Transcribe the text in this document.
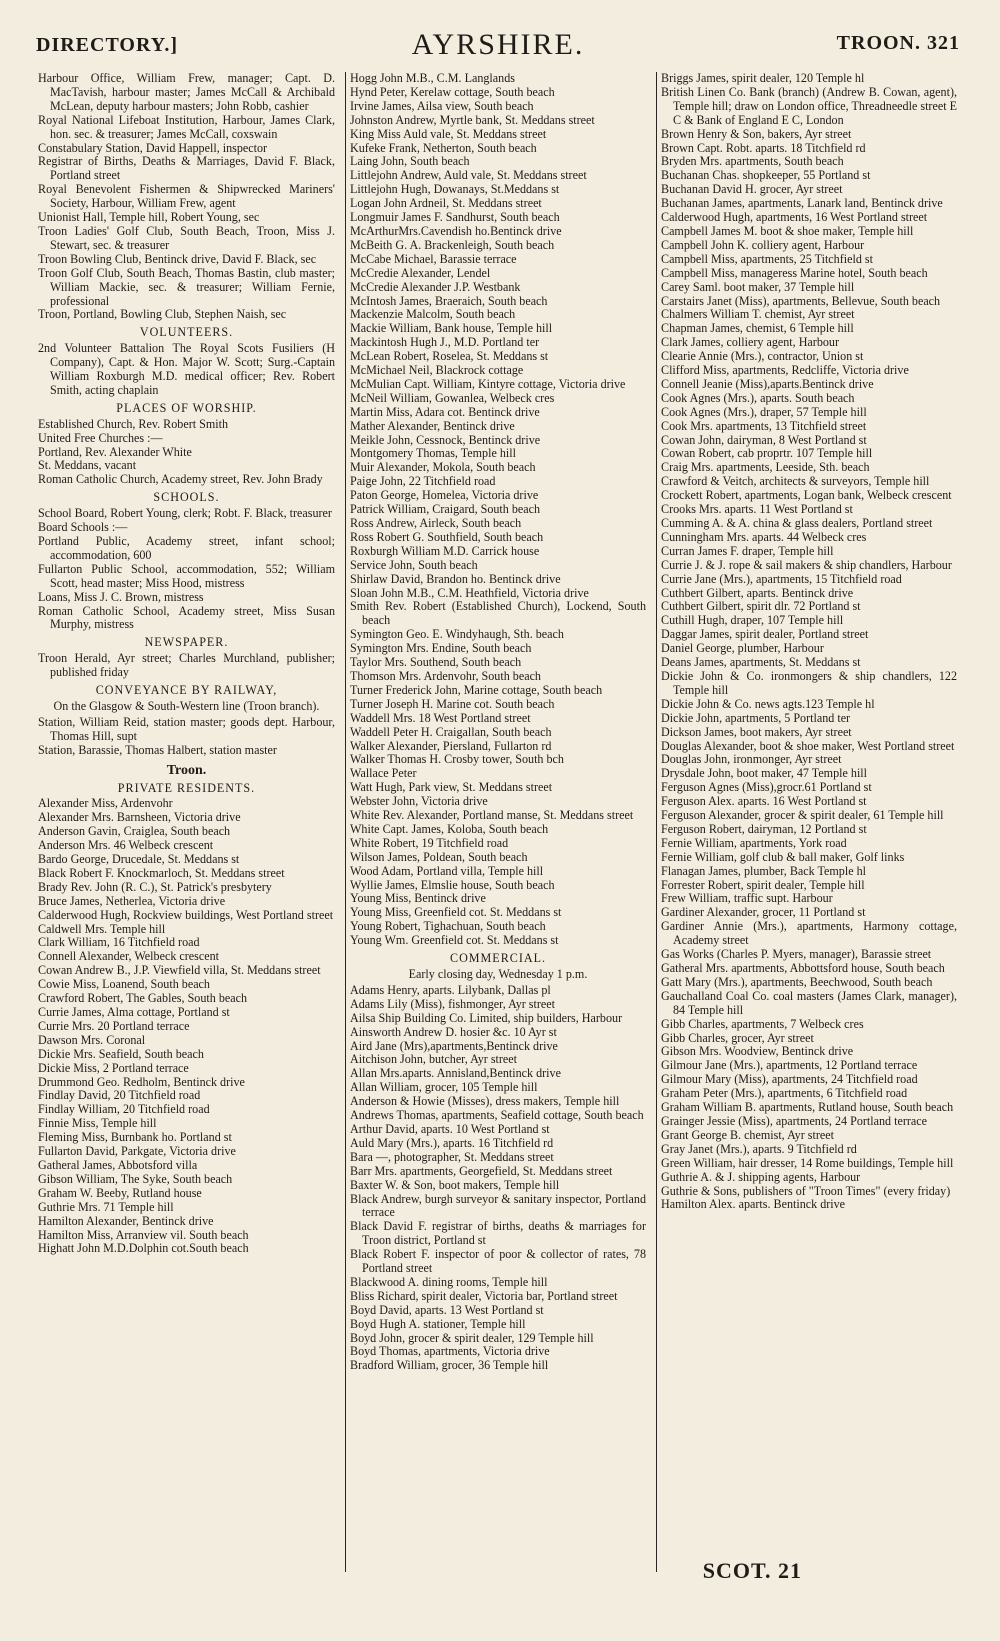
DIRECTORY.]	AYRSHIRE.	TROON. 321
Harbour Office, William Frew, manager; Capt. D. MacTavish, harbour master; James McCall & Archibald McLean, deputy harbour masters; John Robb, cashier
Royal National Lifeboat Institution, Harbour, James Clark, hon. sec. & treasurer; James McCall, coxswain
Constabulary Station, David Happell, inspector
Registrar of Births, Deaths & Marriages, David F. Black, Portland street
Royal Benevolent Fishermen & Shipwrecked Mariners' Society, Harbour, William Frew, agent
Unionist Hall, Temple hill, Robert Young, sec
Troon Ladies' Golf Club, South Beach, Troon, Miss J. Stewart, sec. & treasurer
Troon Bowling Club, Bentinck drive, David F. Black, sec
Troon Golf Club, South Beach, Thomas Bastin, club master; William Mackie, sec. & treasurer; William Fernie, professional
Troon, Portland, Bowling Club, Stephen Naish, sec
VOLUNTEERS.
2nd Volunteer Battalion The Royal Scots Fusiliers (H Company), Capt. & Hon. Major W. Scott; Surg.-Captain William Roxburgh M.D. medical officer; Rev. Robert Smith, acting chaplain
PLACES OF WORSHIP.
Established Church, Rev. Robert Smith
United Free Churches :—
Portland, Rev. Alexander White
St. Meddans, vacant
Roman Catholic Church, Academy street, Rev. John Brady
SCHOOLS.
School Board, Robert Young, clerk; Robt. F. Black, treasurer
Board Schools :—
Portland Public, Academy street, infant school; accommodation, 600
Fullarton Public School, accommodation, 552; William Scott, head master; Miss Hood, mistress
Loans, Miss J. C. Brown, mistress
Roman Catholic School, Academy street, Miss Susan Murphy, mistress
NEWSPAPER.
Troon Herald, Ayr street; Charles Murchland, publisher; published friday
CONVEYANCE BY RAILWAY,
On the Glasgow & South-Western line (Troon branch).
Station, William Reid, station master; goods dept. Harbour, Thomas Hill, supt
Station, Barassie, Thomas Halbert, station master
Troon.
PRIVATE RESIDENTS.
Alexander Miss, Ardenvohr
Alexander Mrs. Barnsheen, Victoria drive
Anderson Gavin, Craiglea, South beach
Anderson Mrs. 46 Welbeck crescent
Bardo George, Drucedale, St. Meddans st
Black Robert F. Knockmarloch, St. Meddans street
Brady Rev. John (R. C.), St. Patrick's presbytery
Bruce James, Netherlea, Victoria drive
Calderwood Hugh, Rockview buildings, West Portland street
Caldwell Mrs. Temple hill
Clark William, 16 Titchfield road
Connell Alexander, Welbeck crescent
Cowan Andrew B., J.P. Viewfield villa, St. Meddans street
Cowie Miss, Loanend, South beach
Crawford Robert, The Gables, South beach
Currie James, Alma cottage, Portland st
Currie Mrs. 20 Portland terrace
Dawson Mrs. Coronal
Dickie Mrs. Seafield, South beach
Dickie Miss, 2 Portland terrace
Drummond Geo. Redholm, Bentinck drive
Findlay David, 20 Titchfield road
Findlay William, 20 Titchfield road
Finnie Miss, Temple hill
Fleming Miss, Burnbank ho. Portland st
Fullarton David, Parkgate, Victoria drive
Gatheral James, Abbotsford villa
Gibson William, The Syke, South beach
Graham W. Beeby, Rutland house
Guthrie Mrs. 71 Temple hill
Hamilton Alexander, Bentinck drive
Hamilton Miss, Arranview vil. South beach
Highatt John M.D.Dolphin cot.South beach
Hogg John M.B., C.M. Langlands
Hynd Peter, Kerelaw cottage, South beach
Irvine James, Ailsa view, South beach
Johnston Andrew, Myrtle bank, St. Meddans street
King Miss Auld vale, St. Meddans street
Kufeke Frank, Netherton, South beach
Laing John, South beach
Littlejohn Andrew, Auld vale, St. Meddans street
Littlejohn Hugh, Dowanays, St.Meddans st
Logan John Ardneil, St. Meddans street
Longmuir James F. Sandhurst, South beach
McArthurMrs.Cavendish ho.Bentinck drive
McBeith G. A. Brackenleigh, South beach
McCabe Michael, Barassie terrace
McCredie Alexander, Lendel
McCredie Alexander J.P. Westbank
McIntosh James, Braeraich, South beach
Mackenzie Malcolm, South beach
Mackie William, Bank house, Temple hill
Mackintosh Hugh J., M.D. Portland ter
McLean Robert, Roselea, St. Meddans st
McMichael Neil, Blackrock cottage
McMulian Capt. William, Kintyre cottage, Victoria drive
McNeil William, Gowanlea, Welbeck cres
Martin Miss, Adara cot. Bentinck drive
Mather Alexander, Bentinck drive
Meikle John, Cessnock, Bentinck drive
Montgomery Thomas, Temple hill
Muir Alexander, Mokola, South beach
Paige John, 22 Titchfield road
Paton George, Homelea, Victoria drive
Patrick William, Craigard, South beach
Ross Andrew, Airleck, South beach
Ross Robert G. Southfield, South beach
Roxburgh William M.D. Carrick house
Service John, South beach
Shirlaw David, Brandon ho. Bentinck drive
Sloan John M.B., C.M. Heathfield, Victoria drive
Smith Rev. Robert (Established Church), Lockend, South beach
Symington Geo. E. Windyhaugh, Sth. beach
Symington Mrs. Endine, South beach
Taylor Mrs. Southend, South beach
Thomson Mrs. Ardenvohr, South beach
Turner Frederick John, Marine cottage, South beach
Turner Joseph H. Marine cot. South beach
Waddell Mrs. 18 West Portland street
Waddell Peter H. Craigallan, South beach
Walker Alexander, Piersland, Fullarton rd
Walker Thomas H. Crosby tower, South bch
Wallace Peter
Watt Hugh, Park view, St. Meddans street
Webster John, Victoria drive
White Rev. Alexander, Portland manse, St. Meddans street
White Capt. James, Koloba, South beach
White Robert, 19 Titchfield road
Wilson James, Poldean, South beach
Wood Adam, Portland villa, Temple hill
Wyllie James, Elmslie house, South beach
Young Miss, Bentinck drive
Young Miss, Greenfield cot. St. Meddans st
Young Robert, Tighachuan, South beach
Young Wm. Greenfield cot. St. Meddans st
COMMERCIAL.
Early closing day, Wednesday 1 p.m.
Adams Henry, aparts. Lilybank, Dallas pl
Adams Lily (Miss), fishmonger, Ayr street
Ailsa Ship Building Co. Limited, ship builders, Harbour
Ainsworth Andrew D. hosier &c. 10 Ayr st
Aird Jane (Mrs),apartments,Bentinck drive
Aitchison John, butcher, Ayr street
Allan Mrs.aparts. Annisland,Bentinck drive
Allan William, grocer, 105 Temple hill
Anderson & Howie (Misses), dress makers, Temple hill
Andrews Thomas, apartments, Seafield cottage, South beach
Arthur David, aparts. 10 West Portland st
Auld Mary (Mrs.), aparts. 16 Titchfield rd
Bara —, photographer, St. Meddans street
Barr Mrs. apartments, Georgefield, St. Meddans street
Baxter W. & Son, boot makers, Temple hill
Black Andrew, burgh surveyor & sanitary inspector, Portland terrace
Black David F. registrar of births, deaths & marriages for Troon district, Portland st
Black Robert F. inspector of poor & collector of rates, 78 Portland street
Blackwood A. dining rooms, Temple hill
Bliss Richard, spirit dealer, Victoria bar, Portland street
Boyd David, aparts. 13 West Portland st
Boyd Hugh A. stationer, Temple hill
Boyd John, grocer & spirit dealer, 129 Temple hill
Boyd Thomas, apartments, Victoria drive
Bradford William, grocer, 36 Temple hill
Briggs James, spirit dealer, 120 Temple hl
British Linen Co. Bank (branch) (Andrew B. Cowan, agent), Temple hill; draw on London office, Threadneedle street E C & Bank of England E C, London
Brown Henry & Son, bakers, Ayr street
Brown Capt. Robt. aparts. 18 Titchfield rd
Bryden Mrs. apartments, South beach
Buchanan Chas. shopkeeper, 55 Portland st
Buchanan David H. grocer, Ayr street
Buchanan James, apartments, Lanark land, Bentinck drive
Calderwood Hugh, apartments, 16 West Portland street
Campbell James M. boot & shoe maker, Temple hill
Campbell John K. colliery agent, Harbour
Campbell Miss, apartments, 25 Titchfield st
Campbell Miss, manageress Marine hotel, South beach
Carey Saml. boot maker, 37 Temple hill
Carstairs Janet (Miss), apartments, Bellevue, South beach
Chalmers William T. chemist, Ayr street
Chapman James, chemist, 6 Temple hill
Clark James, colliery agent, Harbour
Clearie Annie (Mrs.), contractor, Union st
Clifford Miss, apartments, Redcliffe, Victoria drive
Connell Jeanie (Miss),aparts.Bentinck drive
Cook Agnes (Mrs.), aparts. South beach
Cook Agnes (Mrs.), draper, 57 Temple hill
Cook Mrs. apartments, 13 Titchfield street
Cowan John, dairyman, 8 West Portland st
Cowan Robert, cab proprtr. 107 Temple hill
Craig Mrs. apartments, Leeside, Sth. beach
Crawford & Veitch, architects & surveyors, Temple hill
Crockett Robert, apartments, Logan bank, Welbeck crescent
Crooks Mrs. aparts. 11 West Portland st
Cumming A. & A. china & glass dealers, Portland street
Cunningham Mrs. aparts. 44 Welbeck cres
Curran James F. draper, Temple hill
Currie J. & J. rope & sail makers & ship chandlers, Harbour
Currie Jane (Mrs.), apartments, 15 Titchfield road
Cuthbert Gilbert, aparts. Bentinck drive
Cuthbert Gilbert, spirit dlr. 72 Portland st
Cuthill Hugh, draper, 107 Temple hill
Daggar James, spirit dealer, Portland street
Daniel George, plumber, Harbour
Deans James, apartments, St. Meddans st
Dickie John & Co. ironmongers & ship chandlers, 122 Temple hill
Dickie John & Co. news agts.123 Temple hl
Dickie John, apartments, 5 Portland ter
Dickson James, boot makers, Ayr street
Douglas Alexander, boot & shoe maker, West Portland street
Douglas John, ironmonger, Ayr street
Drysdale John, boot maker, 47 Temple hill
Ferguson Agnes (Miss),grocr.61 Portland st
Ferguson Alex. aparts. 16 West Portland st
Ferguson Alexander, grocer & spirit dealer, 61 Temple hill
Ferguson Robert, dairyman, 12 Portland st
Fernie William, apartments, York road
Fernie William, golf club & ball maker, Golf links
Flanagan James, plumber, Back Temple hl
Forrester Robert, spirit dealer, Temple hill
Frew William, traffic supt. Harbour
Gardiner Alexander, grocer, 11 Portland st
Gardiner Annie (Mrs.), apartments, Harmony cottage, Academy street
Gas Works (Charles P. Myers, manager), Barassie street
Gatheral Mrs. apartments, Abbottsford house, South beach
Gatt Mary (Mrs.), apartments, Beechwood, South beach
Gauchalland Coal Co. coal masters (James Clark, manager), 84 Temple hill
Gibb Charles, apartments, 7 Welbeck cres
Gibb Charles, grocer, Ayr street
Gibson Mrs. Woodview, Bentinck drive
Gilmour Jane (Mrs.), apartments, 12 Portland terrace
Gilmour Mary (Miss), apartments, 24 Titchfield road
Graham Peter (Mrs.), apartments, 6 Titchfield road
Graham William B. apartments, Rutland house, South beach
Grainger Jessie (Miss), apartments, 24 Portland terrace
Grant George B. chemist, Ayr street
Gray Janet (Mrs.), aparts. 9 Titchfield rd
Green William, hair dresser, 14 Rome buildings, Temple hill
Guthrie A. & J. shipping agents, Harbour
Guthrie & Sons, publishers of "Troon Times" (every friday)
Hamilton Alex. aparts. Bentinck drive
SCOT. 21
